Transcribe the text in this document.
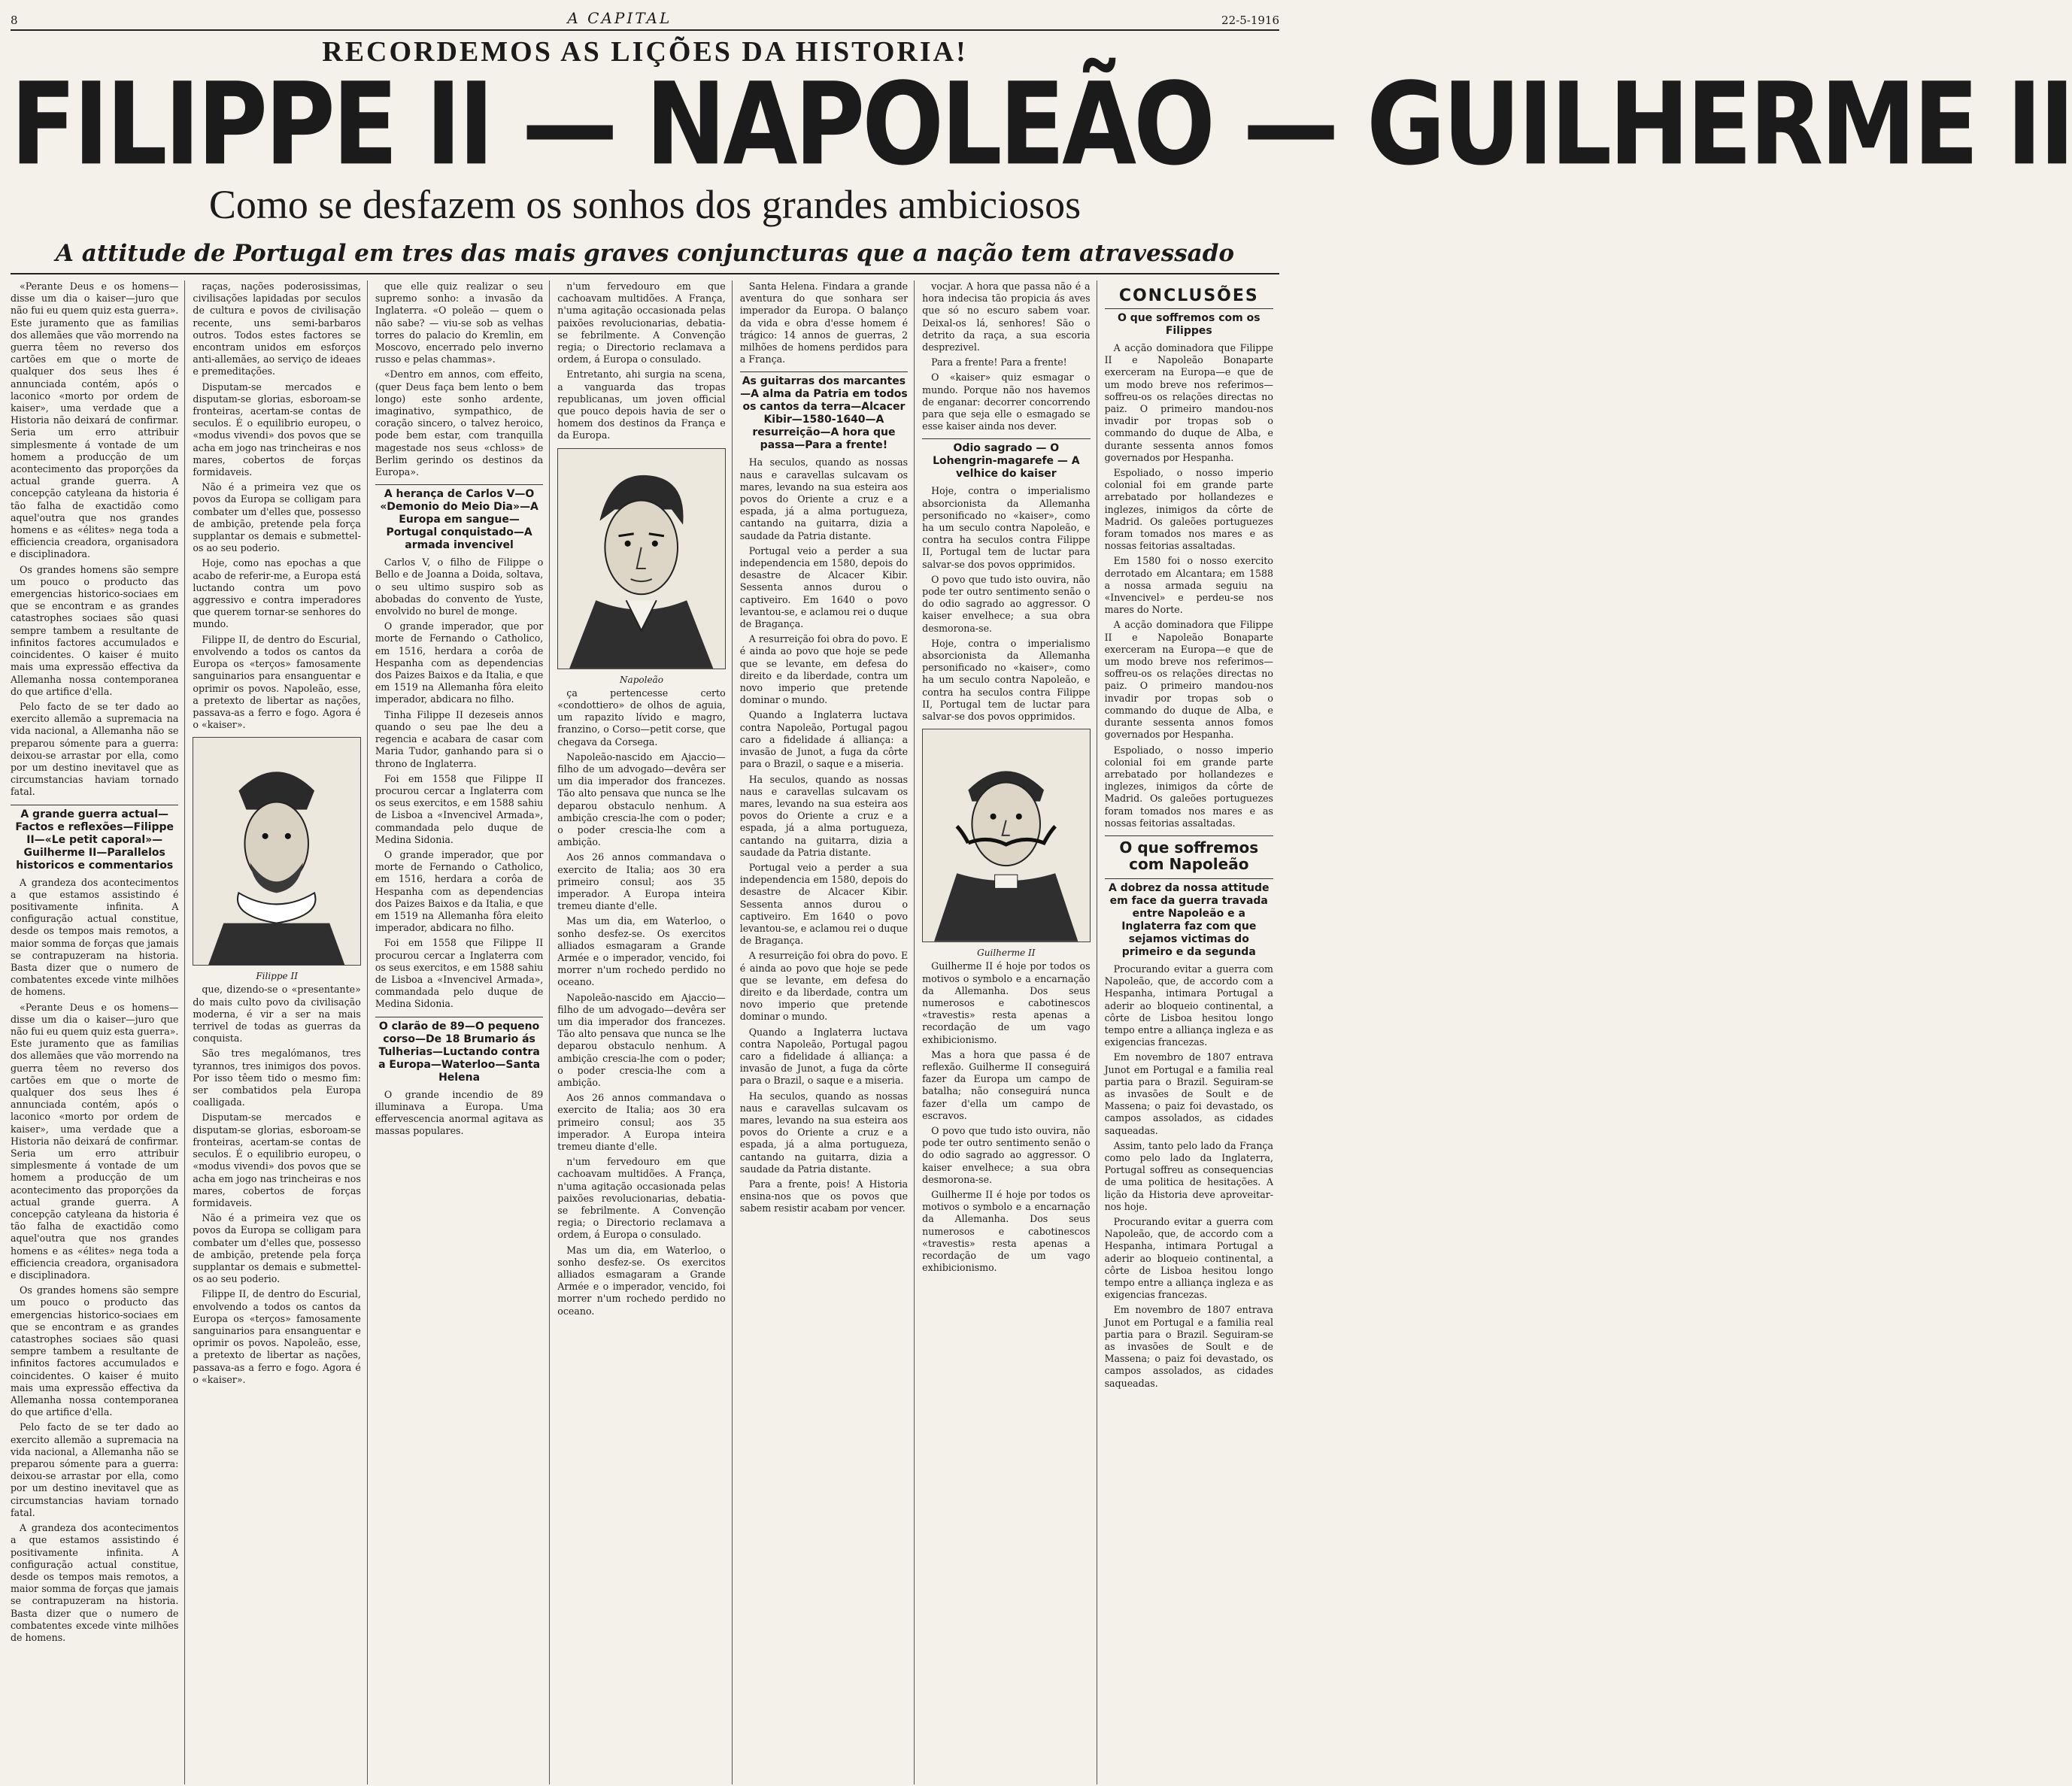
8	A CAPITAL	22-5-1916
RECORDEMOS AS LIÇÕES DA HISTORIA!
FILIPPE II — NAPOLEÃO — GUILHERME II
Como se desfazem os sonhos dos grandes ambiciosos
A attitude de Portugal em tres das mais graves conjuncturas que a nação tem atravessado

«Perante Deus e os homens—disse um dia o kaiser—juro que não fui eu quem quiz esta guerra». Este juramento que as familias dos allemães que vão morrendo na guerra têem no reverso dos cartões em que o morte de qualquer dos seus lhes é annunciada contém, após o laconico «morto por ordem de kaiser», uma verdade que a Historia não deixará de confirmar. Seria um erro attribuir simplesmente á vontade de um homem a producção de um acontecimento das proporções da actual grande guerra. A concepção catyleana da historia é tão falha de exactidão como aquel'outra que nos grandes homens e as «élites» nega toda a efficiencia creadora, organisadora e disciplinadora.

Os grandes homens são sempre um pouco o producto das emergencias historico-sociaes em que se encontram e as grandes catastrophes sociaes são quasi sempre tambem a resultante de infinitos factores accumulados e coincidentes. O kaiser é muito mais uma expressão effectiva da Allemanha nossa contemporanea do que artifice d'ella.

Pelo facto de se ter dado ao exercito allemão a supremacia na vida nacional, a Allemanha não se preparou sómente para a guerra: deixou-se arrastar por ella, como por um destino inevitavel que as circumstancias haviam tornado fatal.

A grande guerra actual—Factos e reflexões—Filippe II—«Le petit caporal»—Guilherme II—Parallelos historicos e commentarios

A grandeza dos acontecimentos a que estamos assistindo é positivamente infinita. A configuração actual constitue, desde os tempos mais remotos, a maior somma de forças que jamais se contrapuzeram na historia. Basta dizer que o numero de combatentes excede vinte milhões de homens.

«Perante Deus e os homens—disse um dia o kaiser—juro que não fui eu quem quiz esta guerra». Este juramento que as familias dos allemães que vão morrendo na guerra têem no reverso dos cartões em que o morte de qualquer dos seus lhes é annunciada contém, após o laconico «morto por ordem de kaiser», uma verdade que a Historia não deixará de confirmar. Seria um erro attribuir simplesmente á vontade de um homem a producção de um acontecimento das proporções da actual grande guerra. A concepção catyleana da historia é tão falha de exactidão como aquel'outra que nos grandes homens e as «élites» nega toda a efficiencia creadora, organisadora e disciplinadora.

Os grandes homens são sempre um pouco o producto das emergencias historico-sociaes em que se encontram e as grandes catastrophes sociaes são quasi sempre tambem a resultante de infinitos factores accumulados e coincidentes. O kaiser é muito mais uma expressão effectiva da Allemanha nossa contemporanea do que artifice d'ella.

Pelo facto de se ter dado ao exercito allemão a supremacia na vida nacional, a Allemanha não se preparou sómente para a guerra: deixou-se arrastar por ella, como por um destino inevitavel que as circumstancias haviam tornado fatal.

A grandeza dos acontecimentos a que estamos assistindo é positivamente infinita. A configuração actual constitue, desde os tempos mais remotos, a maior somma de forças que jamais se contrapuzeram na historia. Basta dizer que o numero de combatentes excede vinte milhões de homens.

raças, nações poderosissimas, civilisações lapidadas por seculos de cultura e povos de civilisação recente, uns semi-barbaros outros. Todos estes factores se encontram unidos em esforços anti-allemães, ao serviço de ideaes e premeditações.

Disputam-se mercados e disputam-se glorias, esboroam-se fronteiras, acertam-se contas de seculos. É o equilibrio europeu, o «modus vivendi» dos povos que se acha em jogo nas trincheiras e nos mares, cobertos de forças formidaveis.

Não é a primeira vez que os povos da Europa se colligam para combater um d'elles que, possesso de ambição, pretende pela força supplantar os demais e submettel-os ao seu poderio.

Hoje, como nas epochas a que acabo de referir-me, a Europa está luctando contra um povo aggressivo e contra imperadores que querem tornar-se senhores do mundo.

Filippe II, de dentro do Escurial, envolvendo a todos os cantos da Europa os «terços» famosamente sanguinarios para ensanguentar e oprimir os povos. Napoleão, esse, a pretexto de libertar as nações, passava-as a ferro e fogo. Agora é o «kaiser».

Filippe II

que, dizendo-se o «presentante» do mais culto povo da civilisação moderna, é vir a ser na mais terrivel de todas as guerras da conquista.

São tres megalómanos, tres tyrannos, tres inimigos dos povos. Por isso têem tido o mesmo fim: ser combatidos pela Europa coalligada.

Disputam-se mercados e disputam-se glorias, esboroam-se fronteiras, acertam-se contas de seculos. É o equilibrio europeu, o «modus vivendi» dos povos que se acha em jogo nas trincheiras e nos mares, cobertos de forças formidaveis.

Não é a primeira vez que os povos da Europa se colligam para combater um d'elles que, possesso de ambição, pretende pela força supplantar os demais e submettel-os ao seu poderio.

Filippe II, de dentro do Escurial, envolvendo a todos os cantos da Europa os «terços» famosamente sanguinarios para ensanguentar e oprimir os povos. Napoleão, esse, a pretexto de libertar as nações, passava-as a ferro e fogo. Agora é o «kaiser».

que elle quiz realizar o seu supremo sonho: a invasão da Inglaterra. «O poleão — quem o não sabe? — viu-se sob as velhas torres do palacio do Kremlin, em Moscovo, encerrado pelo inverno russo e pelas chammas».

«Dentro em annos, com effeito, (quer Deus faça bem lento o bem longo) este sonho ardente, imaginativo, sympathico, de coração sincero, o talvez heroico, pode bem estar, com tranquilla magestade nos seus «chloss» de Berlim gerindo os destinos da Europa».

A herança de Carlos V—O «Demonio do Meio Dia»—A Europa em sangue—Portugal conquistado—A armada invencivel

Carlos V, o filho de Filippe o Bello e de Joanna a Doida, soltava, o seu ultimo suspiro sob as abobadas do convento de Yuste, envolvido no burel de monge.

O grande imperador, que por morte de Fernando o Catholico, em 1516, herdara a corôa de Hespanha com as dependencias dos Paizes Baixos e da Italia, e que em 1519 na Allemanha fôra eleito imperador, abdicara no filho.

Tinha Filippe II dezeseis annos quando o seu pae lhe deu a regencia e acabara de casar com Maria Tudor, ganhando para si o throno de Inglaterra.

Foi em 1558 que Filippe II procurou cercar a Inglaterra com os seus exercitos, e em 1588 sahiu de Lisboa a «Invencivel Armada», commandada pelo duque de Medina Sidonia.

O grande imperador, que por morte de Fernando o Catholico, em 1516, herdara a corôa de Hespanha com as dependencias dos Paizes Baixos e da Italia, e que em 1519 na Allemanha fôra eleito imperador, abdicara no filho.

Foi em 1558 que Filippe II procurou cercar a Inglaterra com os seus exercitos, e em 1588 sahiu de Lisboa a «Invencivel Armada», commandada pelo duque de Medina Sidonia.

O clarão de 89—O pequeno corso—De 18 Brumario ás Tulherias—Luctando contra a Europa—Waterloo—Santa Helena

O grande incendio de 89 illuminava a Europa. Uma effervescencia anormal agitava as massas populares.

n'um fervedouro em que cachoavam multidões. A França, n'uma agitação occasionada pelas paixões revolucionarias, debatia-se febrilmente. A Convenção regia; o Directorio reclamava a ordem, á Europa o consulado.

Entretanto, ahi surgia na scena, a vanguarda das tropas republicanas, um joven official que pouco depois havia de ser o homem dos destinos da França e da Europa.

Napoleão

ça pertencesse certo «condottiero» de olhos de aguia, um rapazito lívido e magro, franzino, o Corso—petit corse, que chegava da Corsega.

Napoleão-nascido em Ajaccio—filho de um advogado—devêra ser um dia imperador dos francezes. Tão alto pensava que nunca se lhe deparou obstaculo nenhum. A ambição crescia-lhe com o poder; o poder crescia-lhe com a ambição.

Aos 26 annos commandava o exercito de Italia; aos 30 era primeiro consul; aos 35 imperador. A Europa inteira tremeu diante d'elle.

Mas um dia, em Waterloo, o sonho desfez-se. Os exercitos alliados esmagaram a Grande Armée e o imperador, vencido, foi morrer n'um rochedo perdido no oceano.

Napoleão-nascido em Ajaccio—filho de um advogado—devêra ser um dia imperador dos francezes. Tão alto pensava que nunca se lhe deparou obstaculo nenhum. A ambição crescia-lhe com o poder; o poder crescia-lhe com a ambição.

Aos 26 annos commandava o exercito de Italia; aos 30 era primeiro consul; aos 35 imperador. A Europa inteira tremeu diante d'elle.

n'um fervedouro em que cachoavam multidões. A França, n'uma agitação occasionada pelas paixões revolucionarias, debatia-se febrilmente. A Convenção regia; o Directorio reclamava a ordem, á Europa o consulado.

Mas um dia, em Waterloo, o sonho desfez-se. Os exercitos alliados esmagaram a Grande Armée e o imperador, vencido, foi morrer n'um rochedo perdido no oceano.

Santa Helena. Findara a grande aventura do que sonhara ser imperador da Europa. O balanço da vida e obra d'esse homem é trágico: 14 annos de guerras, 2 milhões de homens perdidos para a França.

As guitarras dos marcantes—A alma da Patria em todos os cantos da terra—Alcacer Kibir—1580-1640—A resurreição—A hora que passa—Para a frente!

Ha seculos, quando as nossas naus e caravellas sulcavam os mares, levando na sua esteira aos povos do Oriente a cruz e a espada, já a alma portugueza, cantando na guitarra, dizia a saudade da Patria distante.

Portugal veio a perder a sua independencia em 1580, depois do desastre de Alcacer Kibir. Sessenta annos durou o captiveiro. Em 1640 o povo levantou-se, e aclamou rei o duque de Bragança.

A resurreição foi obra do povo. E é ainda ao povo que hoje se pede que se levante, em defesa do direito e da liberdade, contra um novo imperio que pretende dominar o mundo.

Quando a Inglaterra luctava contra Napoleão, Portugal pagou caro a fidelidade á alliança: a invasão de Junot, a fuga da côrte para o Brazil, o saque e a miseria.

Ha seculos, quando as nossas naus e caravellas sulcavam os mares, levando na sua esteira aos povos do Oriente a cruz e a espada, já a alma portugueza, cantando na guitarra, dizia a saudade da Patria distante.

Portugal veio a perder a sua independencia em 1580, depois do desastre de Alcacer Kibir. Sessenta annos durou o captiveiro. Em 1640 o povo levantou-se, e aclamou rei o duque de Bragança.

A resurreição foi obra do povo. E é ainda ao povo que hoje se pede que se levante, em defesa do direito e da liberdade, contra um novo imperio que pretende dominar o mundo.

Quando a Inglaterra luctava contra Napoleão, Portugal pagou caro a fidelidade á alliança: a invasão de Junot, a fuga da côrte para o Brazil, o saque e a miseria.

Ha seculos, quando as nossas naus e caravellas sulcavam os mares, levando na sua esteira aos povos do Oriente a cruz e a espada, já a alma portugueza, cantando na guitarra, dizia a saudade da Patria distante.

Para a frente, pois! A Historia ensina-nos que os povos que sabem resistir acabam por vencer.

vocjar. A hora que passa não é a hora indecisa tão propicia ás aves que só no escuro sabem voar. Deixal-os lá, senhores! São o detrito da raça, a sua escoria desprezivel.

Para a frente! Para a frente!

O «kaiser» quiz esmagar o mundo. Porque não nos havemos de enganar: decorrer concorrendo para que seja elle o esmagado se esse kaiser ainda nos dever.

Odio sagrado — O Lohengrin-magarefe — A velhice do kaiser

Hoje, contra o imperialismo absorcionista da Allemanha personificado no «kaiser», como ha um seculo contra Napoleão, e contra ha seculos contra Filippe II, Portugal tem de luctar para salvar-se dos povos opprimidos.

O povo que tudo isto ouvira, não pode ter outro sentimento senão o do odio sagrado ao aggressor. O kaiser envelhece; a sua obra desmorona-se.

Hoje, contra o imperialismo absorcionista da Allemanha personificado no «kaiser», como ha um seculo contra Napoleão, e contra ha seculos contra Filippe II, Portugal tem de luctar para salvar-se dos povos opprimidos.

Guilherme II

Guilherme II é hoje por todos os motivos o symbolo e a encarnação da Allemanha. Dos seus numerosos e cabotinescos «travestis» resta apenas a recordação de um vago exhibicionismo.

Mas a hora que passa é de reflexão. Guilherme II conseguirá fazer da Europa um campo de batalha; não conseguirá nunca fazer d'ella um campo de escravos.

O povo que tudo isto ouvira, não pode ter outro sentimento senão o do odio sagrado ao aggressor. O kaiser envelhece; a sua obra desmorona-se.

Guilherme II é hoje por todos os motivos o symbolo e a encarnação da Allemanha. Dos seus numerosos e cabotinescos «travestis» resta apenas a recordação de um vago exhibicionismo.

CONCLUSÕES
O que soffremos com os Filippes

A acção dominadora que Filippe II e Napoleão Bonaparte exerceram na Europa—e que de um modo breve nos referimos—soffreu-os os relações directas no paiz. O primeiro mandou-nos invadir por tropas sob o commando do duque de Alba, e durante sessenta annos fomos governados por Hespanha.

Espoliado, o nosso imperio colonial foi em grande parte arrebatado por hollandezes e inglezes, inimigos da côrte de Madrid. Os galeões portuguezes foram tomados nos mares e as nossas feitorias assaltadas.

Em 1580 foi o nosso exercito derrotado em Alcantara; em 1588 a nossa armada seguiu na «Invencivel» e perdeu-se nos mares do Norte.

A acção dominadora que Filippe II e Napoleão Bonaparte exerceram na Europa—e que de um modo breve nos referimos—soffreu-os os relações directas no paiz. O primeiro mandou-nos invadir por tropas sob o commando do duque de Alba, e durante sessenta annos fomos governados por Hespanha.

Espoliado, o nosso imperio colonial foi em grande parte arrebatado por hollandezes e inglezes, inimigos da côrte de Madrid. Os galeões portuguezes foram tomados nos mares e as nossas feitorias assaltadas.

O que soffremos com Napoleão
A dobrez da nossa attitude em face da guerra travada entre Napoleão e a Inglaterra faz com que sejamos victimas do primeiro e da segunda

Procurando evitar a guerra com Napoleão, que, de accordo com a Hespanha, intimara Portugal a aderir ao bloqueio continental, a côrte de Lisboa hesitou longo tempo entre a alliança ingleza e as exigencias francezas.

Em novembro de 1807 entrava Junot em Portugal e a familia real partia para o Brazil. Seguiram-se as invasões de Soult e de Massena; o paiz foi devastado, os campos assolados, as cidades saqueadas.

Assim, tanto pelo lado da França como pelo lado da Inglaterra, Portugal soffreu as consequencias de uma politica de hesitações. A lição da Historia deve aproveitar-nos hoje.

Procurando evitar a guerra com Napoleão, que, de accordo com a Hespanha, intimara Portugal a aderir ao bloqueio continental, a côrte de Lisboa hesitou longo tempo entre a alliança ingleza e as exigencias francezas.

Em novembro de 1807 entrava Junot em Portugal e a familia real partia para o Brazil. Seguiram-se as invasões de Soult e de Massena; o paiz foi devastado, os campos assolados, as cidades saqueadas.
